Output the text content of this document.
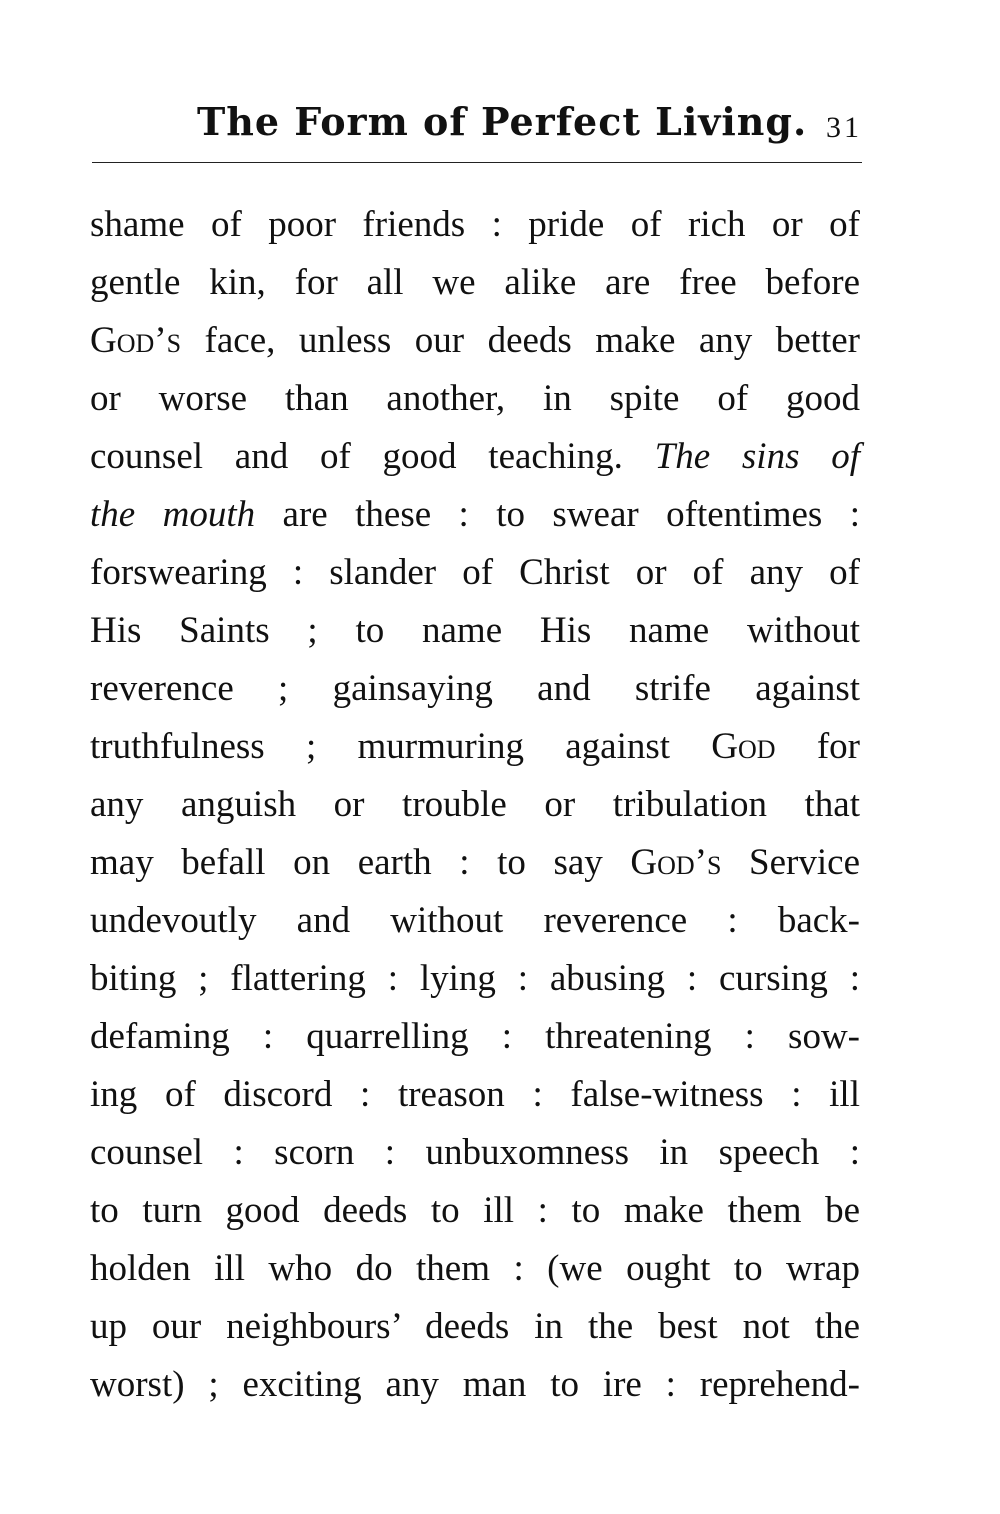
The Form of Perfect Living. 31
shame of poor friends : pride of rich or of
gentle kin, for all we alike are free before
God’s face, unless our deeds make any better
or worse than another, in spite of good
counsel and of good teaching. The sins of
the mouth are these : to swear oftentimes :
forswearing : slander of Christ or of any of
His Saints ; to name His name without
reverence ; gainsaying and strife against
truthfulness ; murmuring against God for
any anguish or trouble or tribulation that
may befall on earth : to say God’s Service
undevoutly and without reverence : back-
biting ; flattering : lying : abusing : cursing :
defaming : quarrelling : threatening : sow-
ing of discord : treason : false-witness : ill
counsel : scorn : unbuxomness in speech :
to turn good deeds to ill : to make them be
holden ill who do them : (we ought to wrap
up our neighbours’ deeds in the best not the
worst) ; exciting any man to ire : reprehend-
